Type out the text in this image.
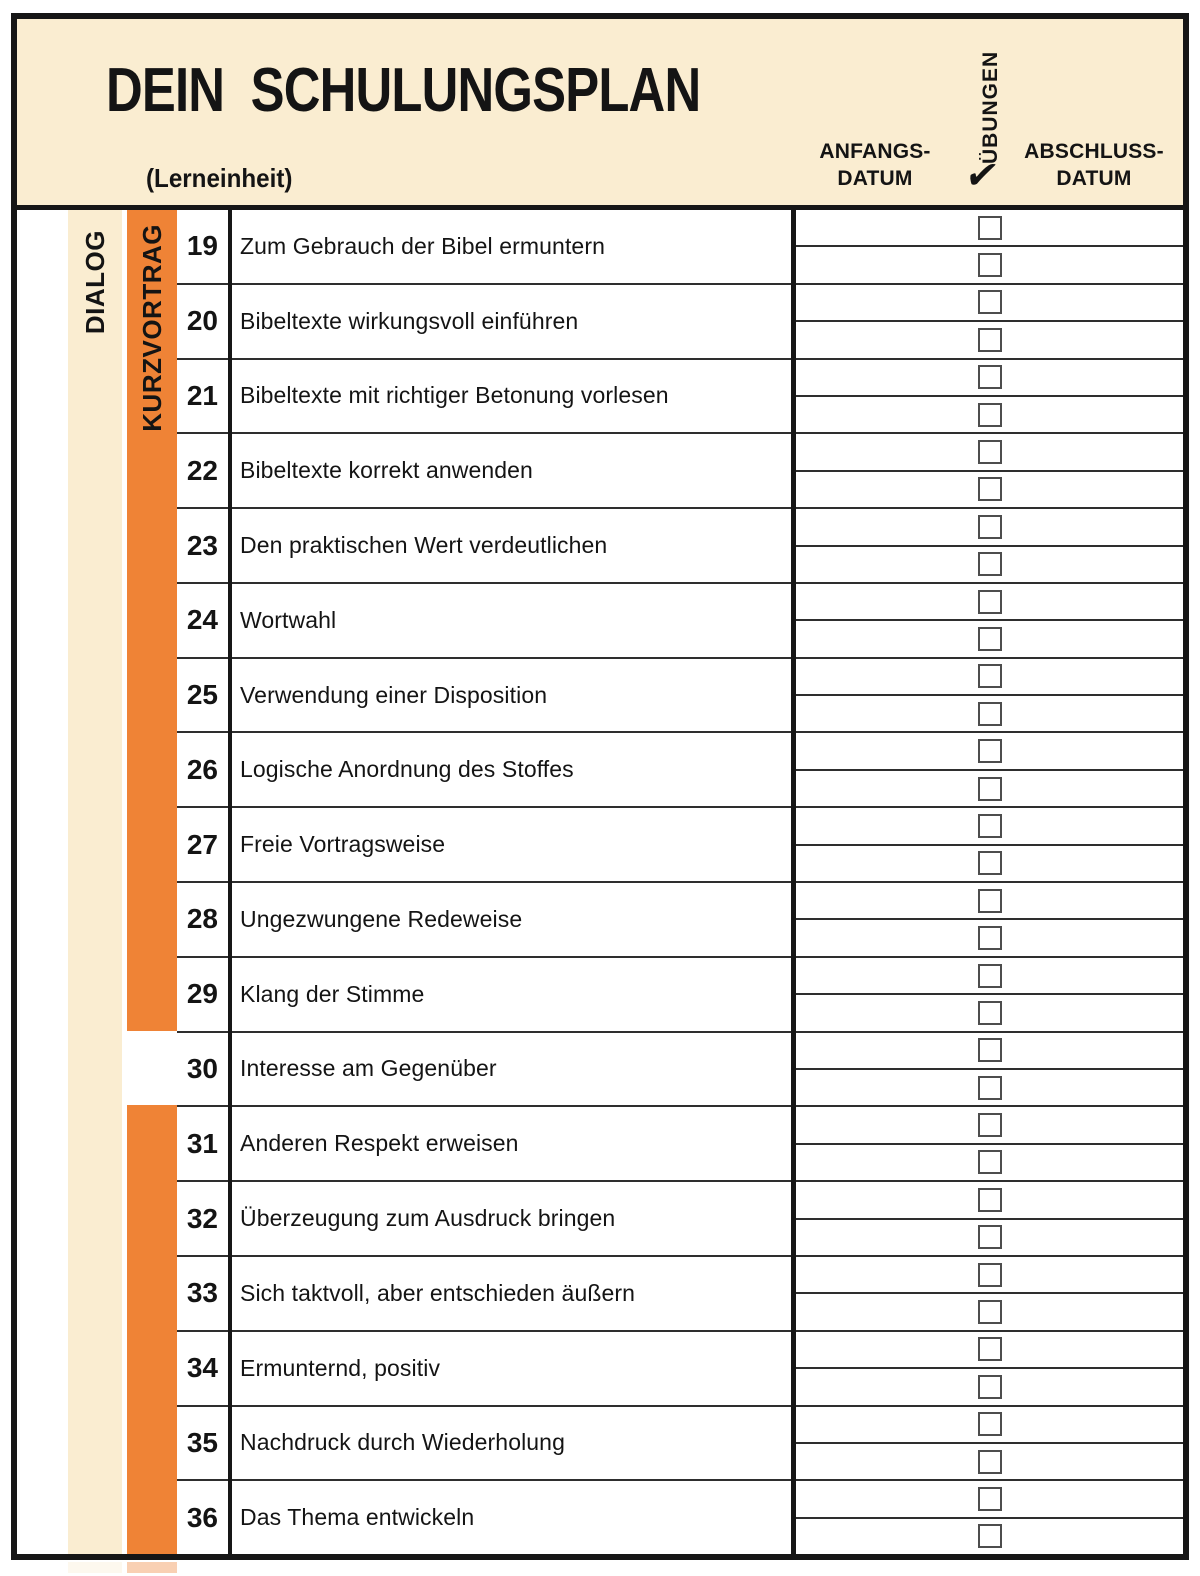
DEIN SCHULUNGSPLAN
(Lerneinheit)
ANFANGS-
DATUM
ÜBUNGEN
✔
ABSCHLUSS-
DATUM
DIALOG KURZVORTRAG 19 Zum Gebrauch der Bibel ermuntern
20 Bibeltexte wirkungsvoll einführen
21 Bibeltexte mit richtiger Betonung vorlesen
22 Bibeltexte korrekt anwenden
23 Den praktischen Wert verdeutlichen
24 Wortwahl
25 Verwendung einer Disposition
26 Logische Anordnung des Stoffes
27 Freie Vortragsweise
28 Ungezwungene Redeweise
29 Klang der Stimme
30 Interesse am Gegenüber
31 Anderen Respekt erweisen
32 Überzeugung zum Ausdruck bringen
33 Sich taktvoll, aber entschieden äußern
34 Ermunternd, positiv
35 Nachdruck durch Wiederholung
36 Das Thema entwickeln
